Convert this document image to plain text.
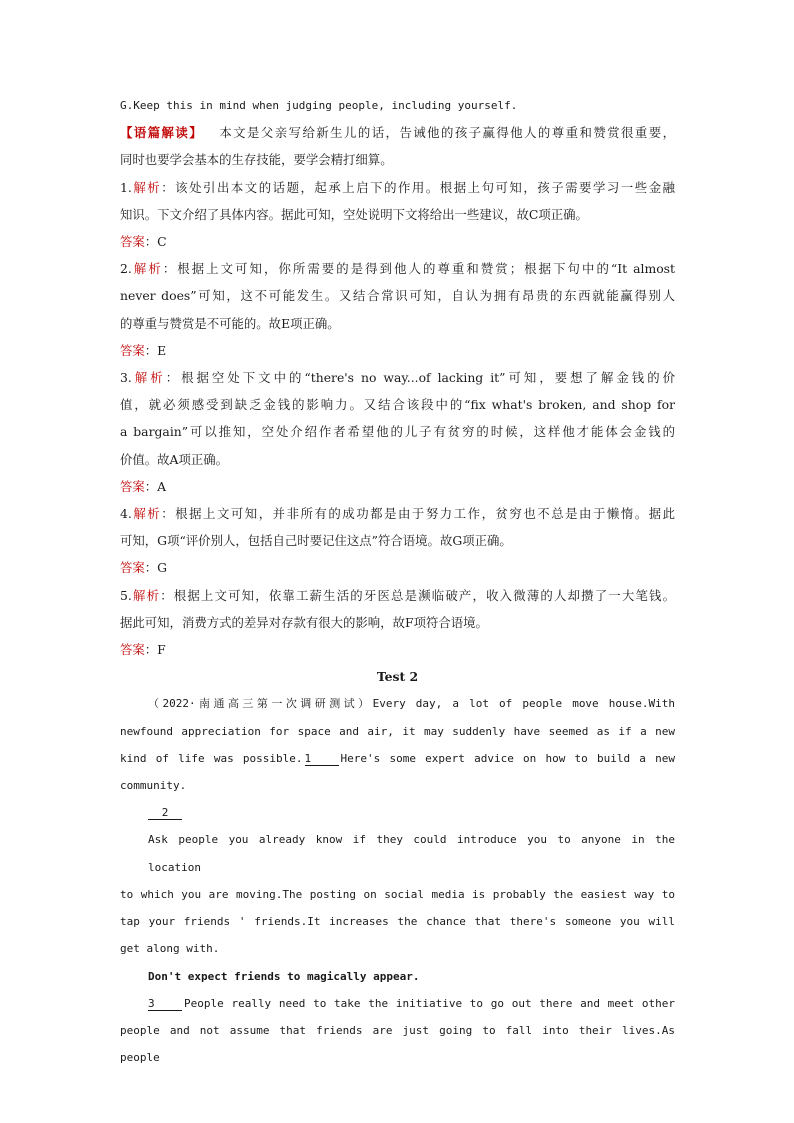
G.Keep this in mind when judging people, including yourself.
【语篇解读】 本文是父亲写给新生儿的话，告诫他的孩子赢得他人的尊重和赞赏很重要，
同时也要学会基本的生存技能，要学会精打细算。
1.解析：该处引出本文的话题，起承上启下的作用。根据上句可知，孩子需要学习一些金融
知识。下文介绍了具体内容。据此可知，空处说明下文将给出一些建议，故C项正确。
答案：C
2.解析：根据上文可知，你所需要的是得到他人的尊重和赞赏；根据下句中的“It almost
never does”可知，这不可能发生。又结合常识可知，自认为拥有昂贵的东西就能赢得别人
的尊重与赞赏是不可能的。故E项正确。
答案：E
3.解析：根据空处下文中的“there's no way...of lacking it”可知，要想了解金钱的价
值，就必须感受到缺乏金钱的影响力。又结合该段中的“fix what's broken, and shop for
a bargain”可以推知，空处介绍作者希望他的儿子有贫穷的时候，这样他才能体会金钱的
价值。故A项正确。
答案：A
4.解析：根据上文可知，并非所有的成功都是由于努力工作，贫穷也不总是由于懒惰。据此
可知，G项“评价别人，包括自己时要记住这点”符合语境。故G项正确。
答案：G
5.解析：根据上文可知，依靠工薪生活的牙医总是濒临破产，收入微薄的人却攒了一大笔钱。
据此可知，消费方式的差异对存款有很大的影响，故F项符合语境。
答案：F
Test 2
（2022·南通高三第一次调研测试）Every day, a lot of people move house.With
newfound appreciation for space and air, it may suddenly have seemed as if a new
kind of life was possible. 1	Here's some expert advice on how to build a new
community.
2
Ask people you already know if they could introduce you to anyone in the location
to which you are moving.The posting on social media is probably the easiest way to
tap your friends ' friends.It increases the chance that there's someone you will
get along with.
Don't expect friends to magically appear.
3	People really need to take the initiative to go out there and meet other
people and not assume that friends are just going to fall into their lives.As people
